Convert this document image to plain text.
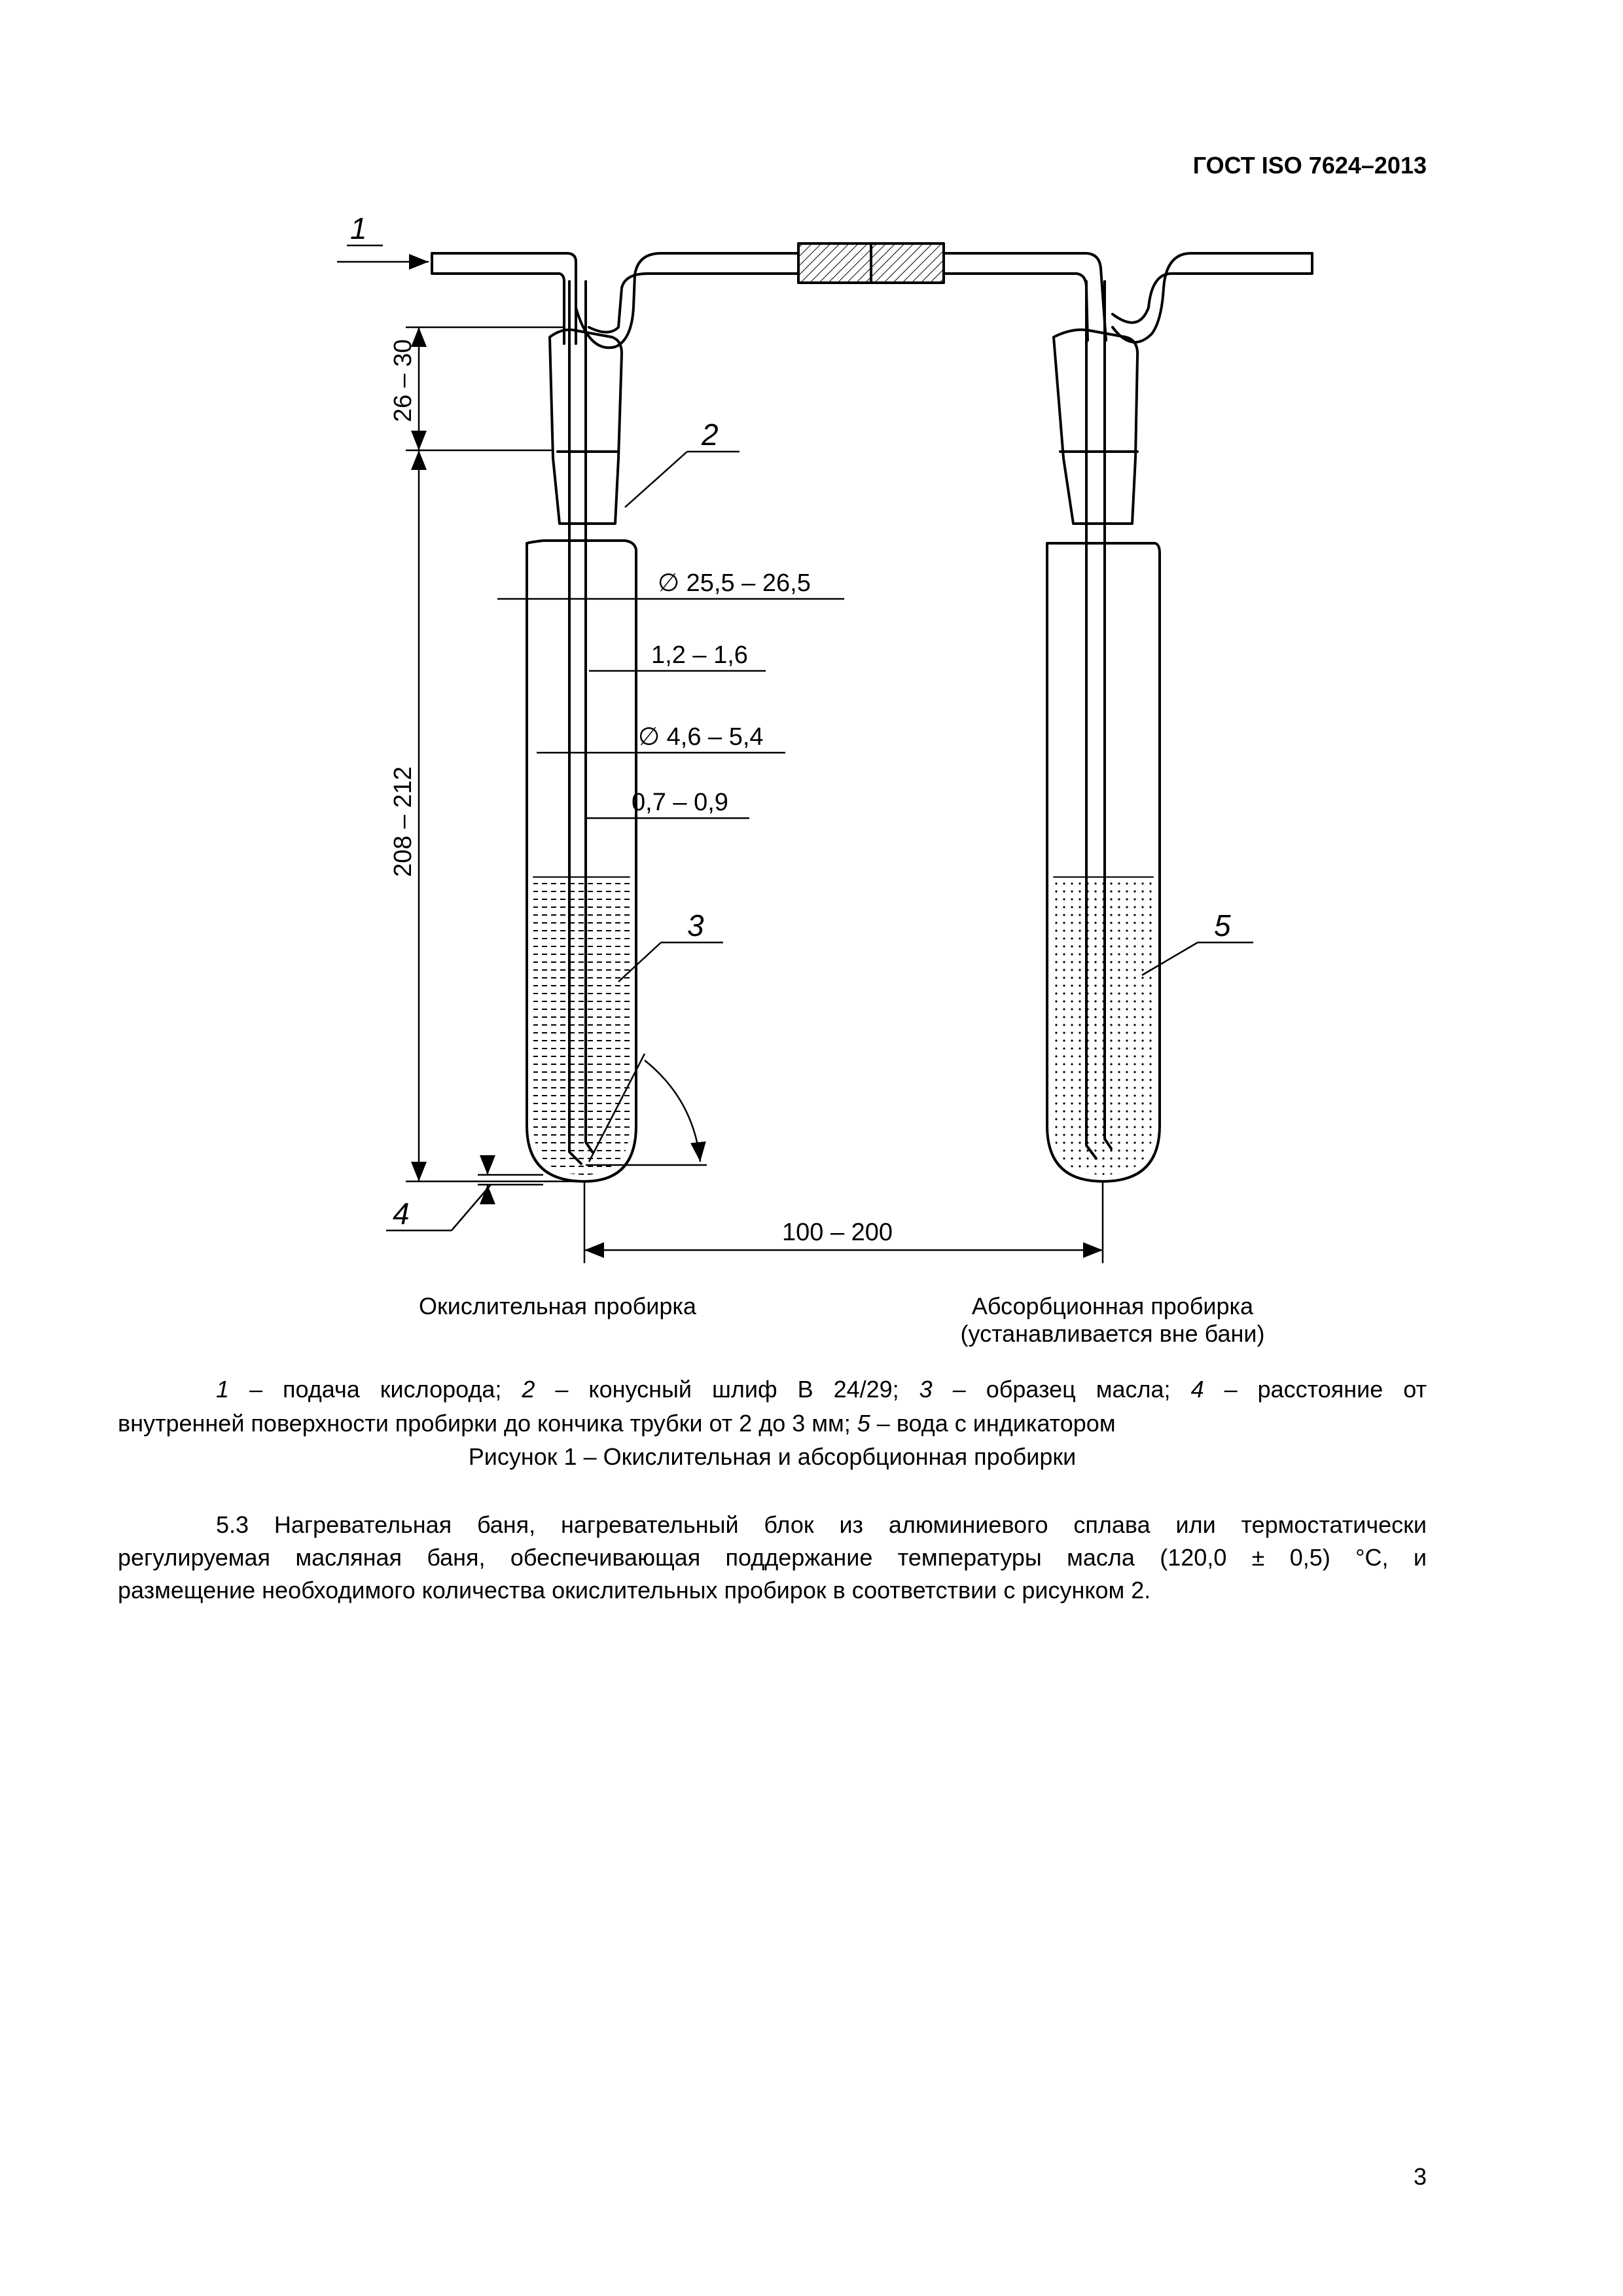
ГОСТ ISO 7624–2013
1
2
3
4
5
26 – 30
208 – 212
∅ 25,5 – 26,5
1,2 – 1,6
∅ 4,6 – 5,4
0,7 – 0,9
100 – 200
Окислительная пробирка	Абсорбционная пробирка
(устанавливается вне бани)
1 – подача кислорода; 2 – конусный шлиф В 24/29; 3 – образец масла; 4 – расстояние от
внутренней поверхности пробирки до кончика трубки от 2 до 3 мм; 5 – вода с индикатором
Рисунок 1 – Окислительная и абсорбционная пробирки
5.3 Нагревательная баня, нагревательный блок из алюминиевого сплава или термостатически
регулируемая масляная баня, обеспечивающая поддержание температуры масла (120,0 ± 0,5) °С, и
размещение необходимого количества окислительных пробирок в соответствии с рисунком 2.
3
